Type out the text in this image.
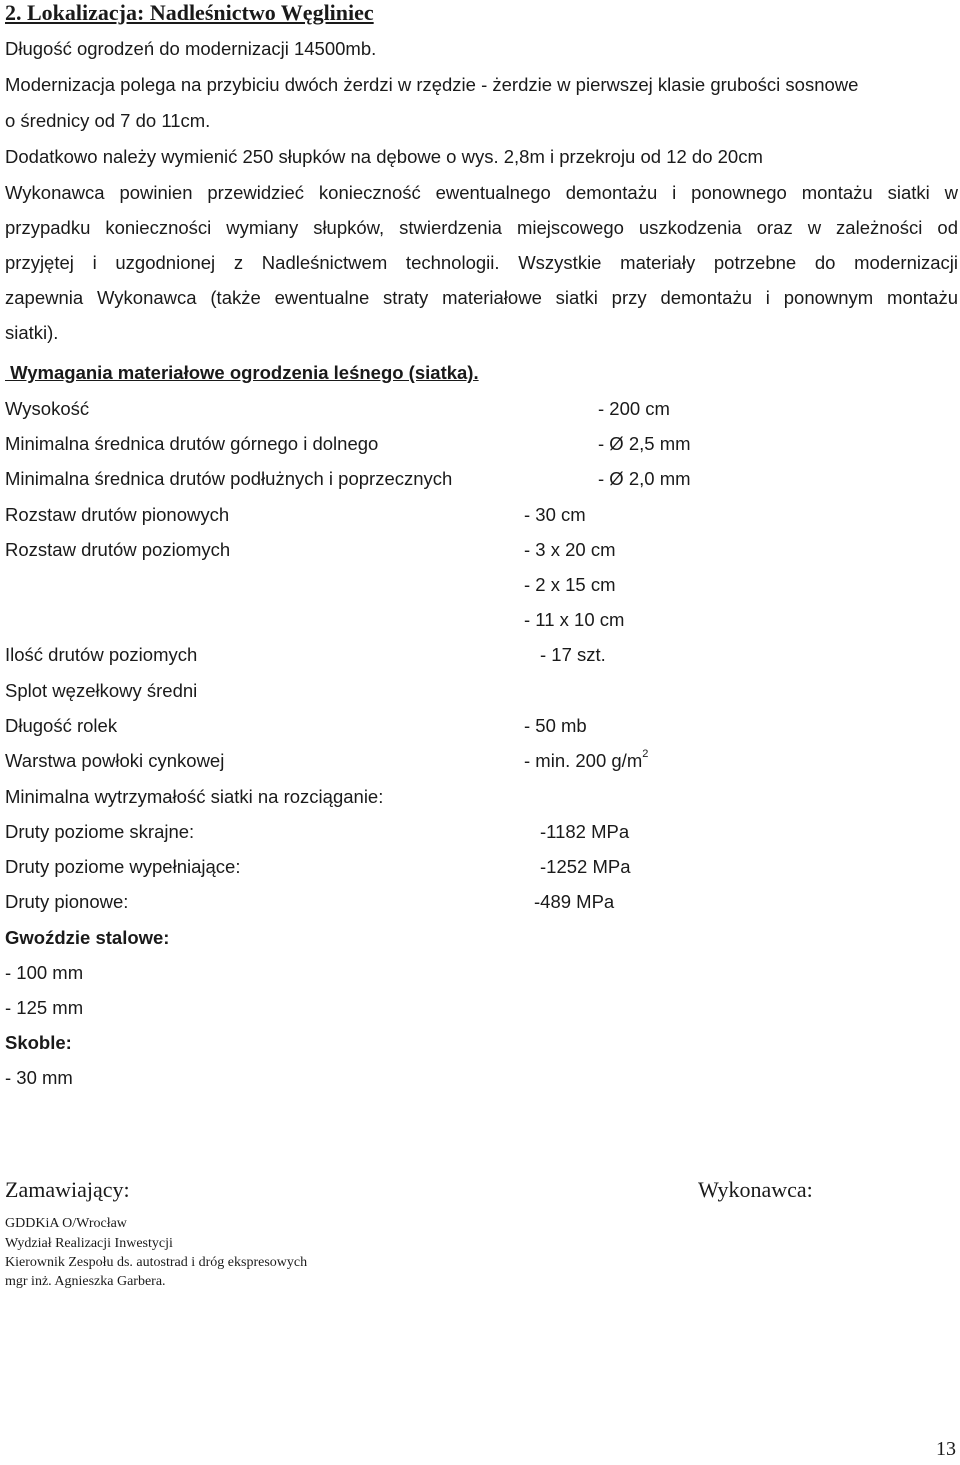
2. Lokalizacja: Nadleśnictwo Węgliniec
Długość ogrodzeń do modernizacji 14500mb.
Modernizacja polega na przybiciu dwóch żerdzi w rzędzie - żerdzie w pierwszej klasie grubości sosnowe
o średnicy od 7 do 11cm.
Dodatkowo należy wymienić 250 słupków na dębowe o wys. 2,8m i przekroju od 12 do 20cm
Wykonawca powinien przewidzieć konieczność ewentualnego demontażu i ponownego montażu siatki w
przypadku konieczności wymiany słupków, stwierdzenia miejscowego uszkodzenia oraz w zależności od
przyjętej i uzgodnionej z Nadleśnictwem technologii. Wszystkie materiały potrzebne do modernizacji
zapewnia Wykonawca (także ewentualne straty materiałowe siatki przy demontażu i ponownym montażu
siatki).
Wymagania materiałowe ogrodzenia leśnego (siatka).
Wysokość	- 200 cm
Minimalna średnica drutów górnego i dolnego	- Ø 2,5 mm
Minimalna średnica drutów podłużnych i poprzecznych	- Ø 2,0 mm
Rozstaw drutów pionowych	- 30 cm
Rozstaw drutów poziomych	- 3 x 20 cm
- 2 x 15 cm
- 11 x 10 cm
Ilość drutów poziomych	- 17 szt.
Splot węzełkowy średni
Długość rolek	- 50 mb
Warstwa powłoki cynkowej	- min. 200 $g/m^2$
Minimalna wytrzymałość siatki na rozciąganie:
Druty poziome skrajne:	-1182 MPa
Druty poziome wypełniające:	-1252 MPa
Druty pionowe:	-489 MPa
Gwoździe stalowe:
- 100 mm
- 125 mm
Skoble:
- 30 mm
Zamawiający:	Wykonawca:
GDDKiA O/Wrocław
Wydział Realizacji Inwestycji
Kierownik Zespołu ds. autostrad i dróg ekspresowych
mgr inż. Agnieszka Garbera.
13
